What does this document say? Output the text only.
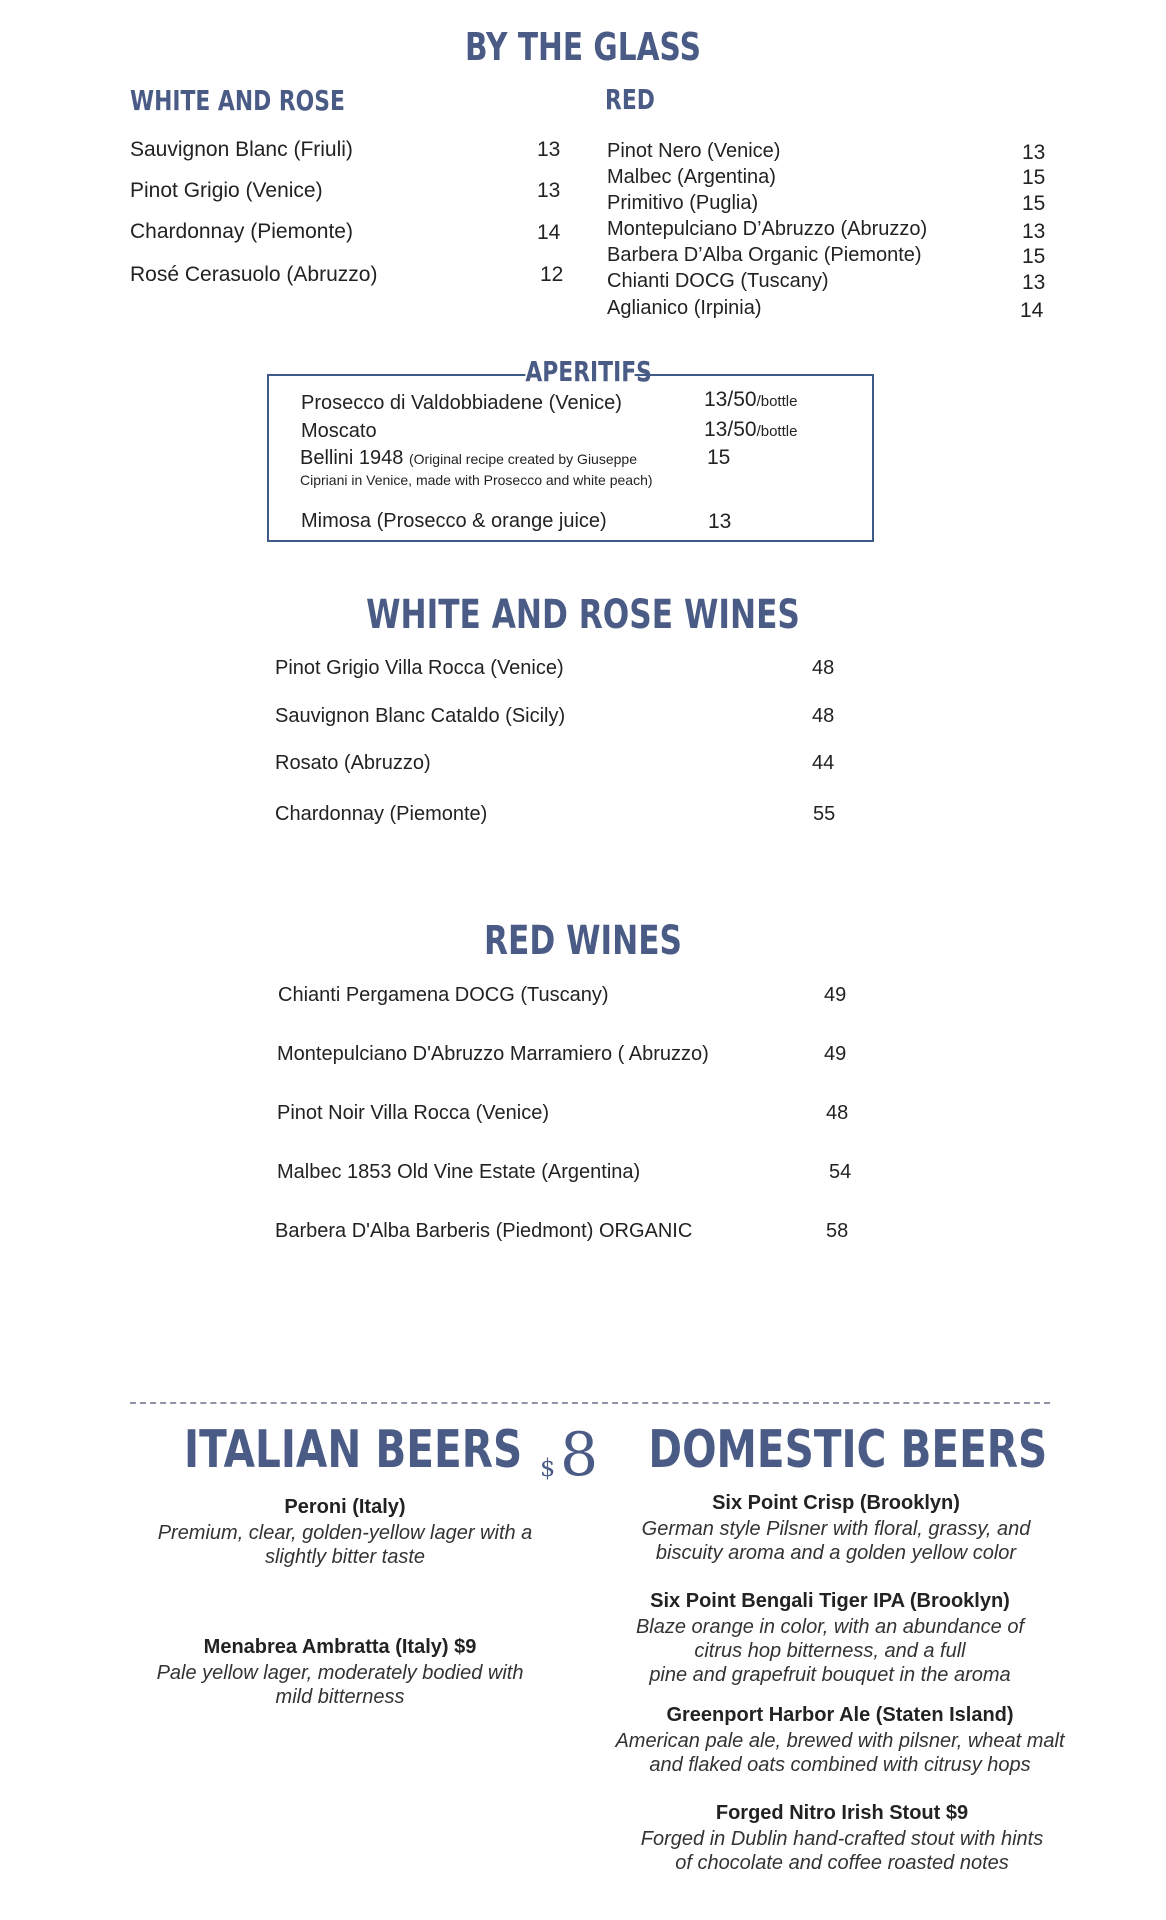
BY THE GLASS
WHITE AND ROSE	RED
Sauvignon Blanc (Friuli)	13
Pinot Grigio (Venice)	13
Chardonnay (Piemonte)	14
Rosé Cerasuolo (Abruzzo)	12
Pinot Nero (Venice)	13
Malbec (Argentina)	15
Primitivo (Puglia)	15
Montepulciano D’Abruzzo (Abruzzo)	13
Barbera D’Alba Organic (Piemonte)	15
Chianti DOCG (Tuscany)	13
Aglianico (Irpinia)	14
APERITIFS
Prosecco di Valdobbiadene (Venice)	13/50/bottle
Moscato	13/50/bottle
Bellini 1948 (Original recipe created by Giuseppe
Cipriani in Venice, made with Prosecco and white peach)
15
Mimosa (Prosecco & orange juice)	13
WHITE AND ROSE WINES
Pinot Grigio Villa Rocca (Venice)	48
Sauvignon Blanc Cataldo (Sicily)	48
Rosato (Abruzzo)	44
Chardonnay (Piemonte)	55
RED WINES
Chianti Pergamena DOCG (Tuscany)	49
Montepulciano D'Abruzzo Marramiero ( Abruzzo)	49
Pinot Noir Villa Rocca (Venice)	48
Malbec 1853 Old Vine Estate (Argentina)	54
Barbera D'Alba Barberis (Piedmont) ORGANIC	58
ITALIAN BEERS DOMESTIC BEERS
$ 8
Peroni (Italy)
Premium, clear, golden-yellow lager with a
slightly bitter taste
Menabrea Ambratta (Italy) $9
Pale yellow lager, moderately bodied with
mild bitterness
Six Point Crisp (Brooklyn)
German style Pilsner with floral, grassy, and
biscuity aroma and a golden yellow color
Six Point Bengali Tiger IPA (Brooklyn)
Blaze orange in color, with an abundance of
citrus hop bitterness, and a full
pine and grapefruit bouquet in the aroma
Greenport Harbor Ale (Staten Island)
American pale ale, brewed with pilsner, wheat malt
and flaked oats combined with citrusy hops
Forged Nitro Irish Stout $9
Forged in Dublin hand-crafted stout with hints
of chocolate and coffee roasted notes
